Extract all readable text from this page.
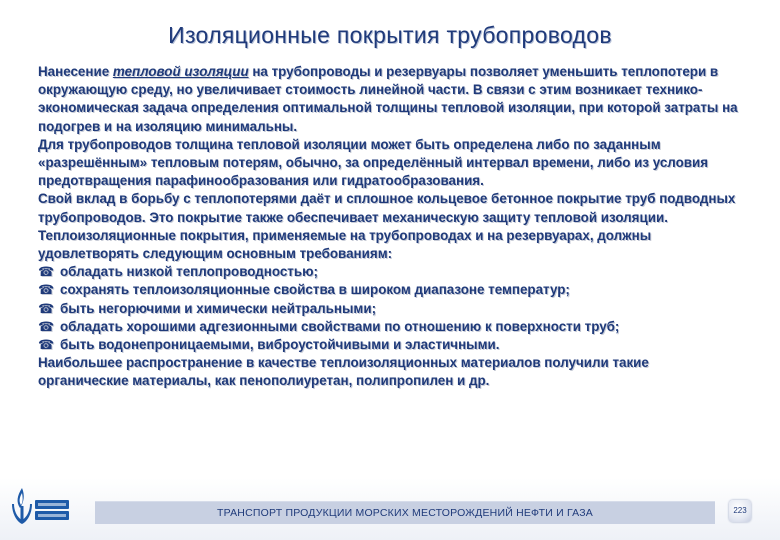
Изоляционные покрытия трубопроводов

Нанесение тепловой изоляции на трубопроводы и резервуары позволяет уменьшить теплопотери в окружающую среду, но увеличивает стоимость линейной части. В связи с этим возникает технико-экономическая задача определения оптимальной толщины тепловой изоляции, при которой затраты на подогрев и на изоляцию минимальны.

Для трубопроводов толщина тепловой изоляции может быть определена либо по заданным «разрешённым» тепловым потерям, обычно, за определённый интервал времени, либо из условия предотвращения парафинообразования или гидратообразования.

Свой вклад в борьбу с теплопотерями даёт и сплошное кольцевое бетонное покрытие труб подводных трубопроводов. Это покрытие также обеспечивает механическую защиту тепловой изоляции.

Теплоизоляционные покрытия, применяемые на трубопроводах и на резервуарах, должны удовлетворять следующим основным требованиям:

☎ обладать низкой теплопроводностью;
☎ сохранять теплоизоляционные свойства в широком диапазоне температур;
☎ быть негорючими и химически нейтральными;
☎ обладать хорошими адгезионными свойствами по отношению к поверхности труб;
☎ быть водонепроницаемыми, виброустойчивыми и эластичными.

Наибольшее распространение в качестве теплоизоляционных материалов получили такие органические материалы, как пенополиуретан, полипропилен и др.

ТРАНСПОРТ ПРОДУКЦИИ МОРСКИХ МЕСТОРОЖДЕНИЙ НЕФТИ И ГАЗА	223
